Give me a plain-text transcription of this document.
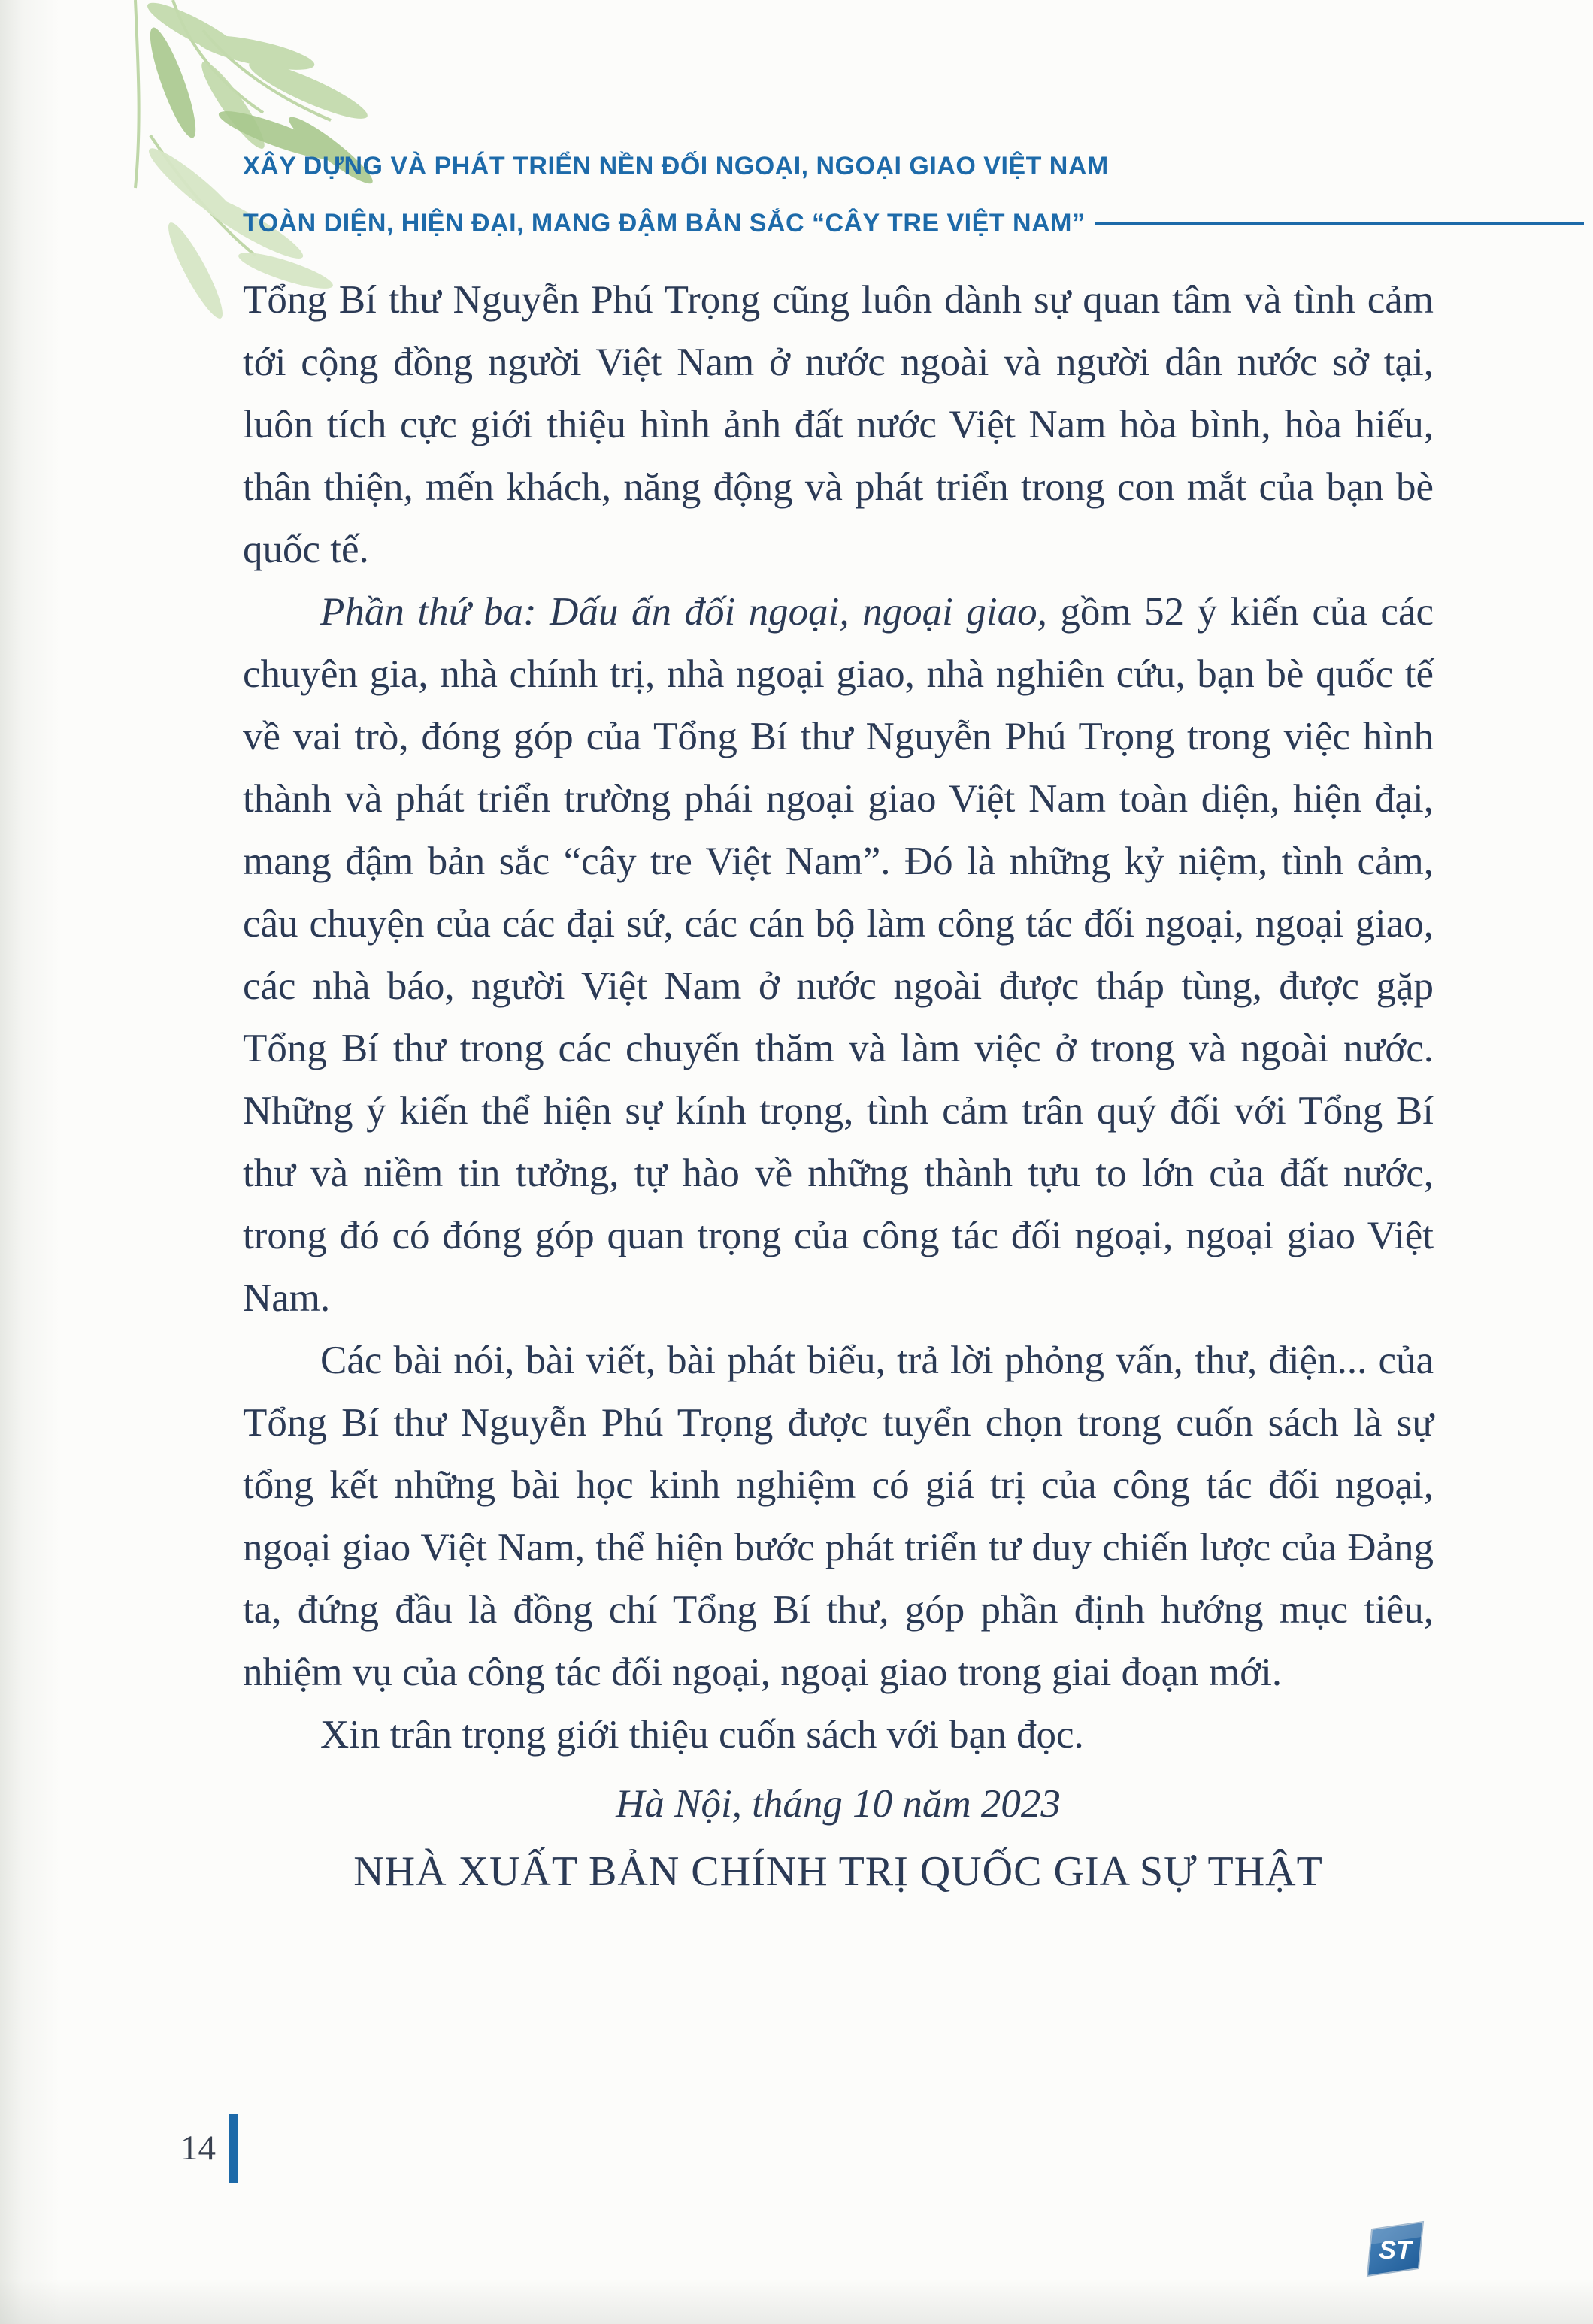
XÂY DỰNG VÀ PHÁT TRIỂN NỀN ĐỐI NGOẠI, NGOẠI GIAO VIỆT NAM
TOÀN DIỆN, HIỆN ĐẠI, MANG ĐẬM BẢN SẮC “CÂY TRE VIỆT NAM”

Tổng Bí thư Nguyễn Phú Trọng cũng luôn dành sự quan tâm và tình cảm tới cộng đồng người Việt Nam ở nước ngoài và người dân nước sở tại, luôn tích cực giới thiệu hình ảnh đất nước Việt Nam hòa bình, hòa hiếu, thân thiện, mến khách, năng động và phát triển trong con mắt của bạn bè quốc tế.

Phần thứ ba: Dấu ấn đối ngoại, ngoại giao, gồm 52 ý kiến của các chuyên gia, nhà chính trị, nhà ngoại giao, nhà nghiên cứu, bạn bè quốc tế về vai trò, đóng góp của Tổng Bí thư Nguyễn Phú Trọng trong việc hình thành và phát triển trường phái ngoại giao Việt Nam toàn diện, hiện đại, mang đậm bản sắc “cây tre Việt Nam”. Đó là những kỷ niệm, tình cảm, câu chuyện của các đại sứ, các cán bộ làm công tác đối ngoại, ngoại giao, các nhà báo, người Việt Nam ở nước ngoài được tháp tùng, được gặp Tổng Bí thư trong các chuyến thăm và làm việc ở trong và ngoài nước. Những ý kiến thể hiện sự kính trọng, tình cảm trân quý đối với Tổng Bí thư và niềm tin tưởng, tự hào về những thành tựu to lớn của đất nước, trong đó có đóng góp quan trọng của công tác đối ngoại, ngoại giao Việt Nam.

Các bài nói, bài viết, bài phát biểu, trả lời phỏng vấn, thư, điện... của Tổng Bí thư Nguyễn Phú Trọng được tuyển chọn trong cuốn sách là sự tổng kết những bài học kinh nghiệm có giá trị của công tác đối ngoại, ngoại giao Việt Nam, thể hiện bước phát triển tư duy chiến lược của Đảng ta, đứng đầu là đồng chí Tổng Bí thư, góp phần định hướng mục tiêu, nhiệm vụ của công tác đối ngoại, ngoại giao trong giai đoạn mới.

Xin trân trọng giới thiệu cuốn sách với bạn đọc.

Hà Nội, tháng 10 năm 2023
NHÀ XUẤT BẢN CHÍNH TRỊ QUỐC GIA SỰ THẬT
14
ST
